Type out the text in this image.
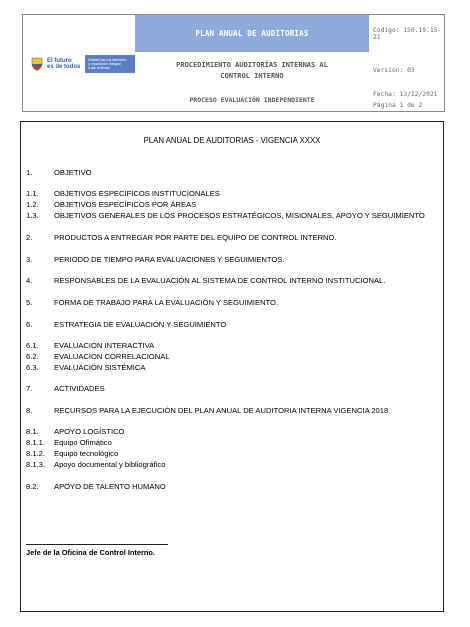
El futuro
es de todos
Unidad para la atención
y reparación integral
a las víctimas
PLAN ANUAL DE AUDITORIAS
PROCEDIMIENTO AUDITORÍAS INTERNAS AL
CONTROL INTERNO
PROCESO EVALUACIÓN INDEPENDIENTE
Código: 150.19.15-21
Versión: 03
Fecha: 13/12/2021
Página 1 de 2
PLAN ANUAL DE AUDITORIAS - VIGENCIA XXXX
1.	OBJETIVO
1.1. OBJETIVOS ESPECIFICOS INSTITUCIONALES
1.2. OBJETIVOS ESPECÍFICOS POR ÁREAS
1.3. OBJETIVOS GENERALES DE LOS PROCESOS ESTRATÉGICOS, MISIONALES, APOYO Y SEGUIMIENTO
2.	PRODUCTOS A ENTREGAR POR PARTE DEL EQUIPO DE CONTROL INTERNO.
3.	PERIODO DE TIEMPO PARA EVALUACIONES Y SEGUIMIENTOS.
4.	RESPONSABLES DE LA EVALUACIÓN AL SISTEMA DE CONTROL INTERNO INSTITUCIONAL.
5.	FORMA DE TRABAJO PARA LA EVALUACIÓN Y SEGUIMIENTO.
6.	ESTRATEGIA DE EVALUACIÓN Y SEGUIMIENTO
6.1. EVALUACIÓN INTERACTIVA
6.2. EVALUACIÓN CORRELACIONAL
6.3. EVALUACIÓN SISTÉMICA
7.	ACTIVIDADES
8.	RECURSOS PARA LA EJECUCIÓN DEL PLAN ANUAL DE AUDITORIA INTERNA VIGENCIA 2018
8.1. APOYO LOGÍSTICO
8.1.1. Equipo Ofimático
8.1.2. Equipo tecnológico
8.1.3. Apoyo documental y bibliográfico
8.2. APOYO DE TALENTO HUMANO
Jefe de la Oficina de Control Interno.
